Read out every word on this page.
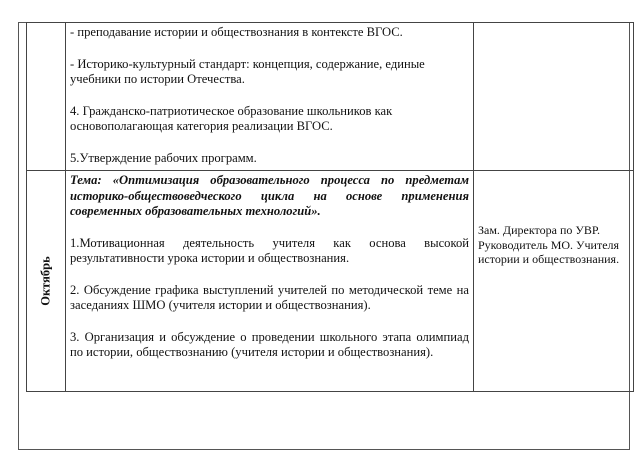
	- преподавание истории и обществознания в контексте ВГОС.

- Историко-культурный стандарт: концепция, содержание, единые учебники по истории Отечества.

4. Гражданско-патриотическое образование школьников как основополагающая категория реализации ВГОС.

5.Утверждение рабочих программ.	

Октябрь	Тема: «Оптимизация образовательного процесса по предметам историко-обществоведческого цикла на основе применения современных образовательных технологий».

1.Мотивационная деятельность учителя как основа высокой результативности урока истории и обществознания.

2. Обсуждение графика выступлений учителей по методической теме на заседаниях ШМО (учителя истории и обществознания).

3. Организация и обсуждение о проведении школьного этапа олимпиад по истории, обществознанию (учителя истории и обществознания).	Зам. Директора по УВР. Руководитель МО. Учителя истории и обществознания.
